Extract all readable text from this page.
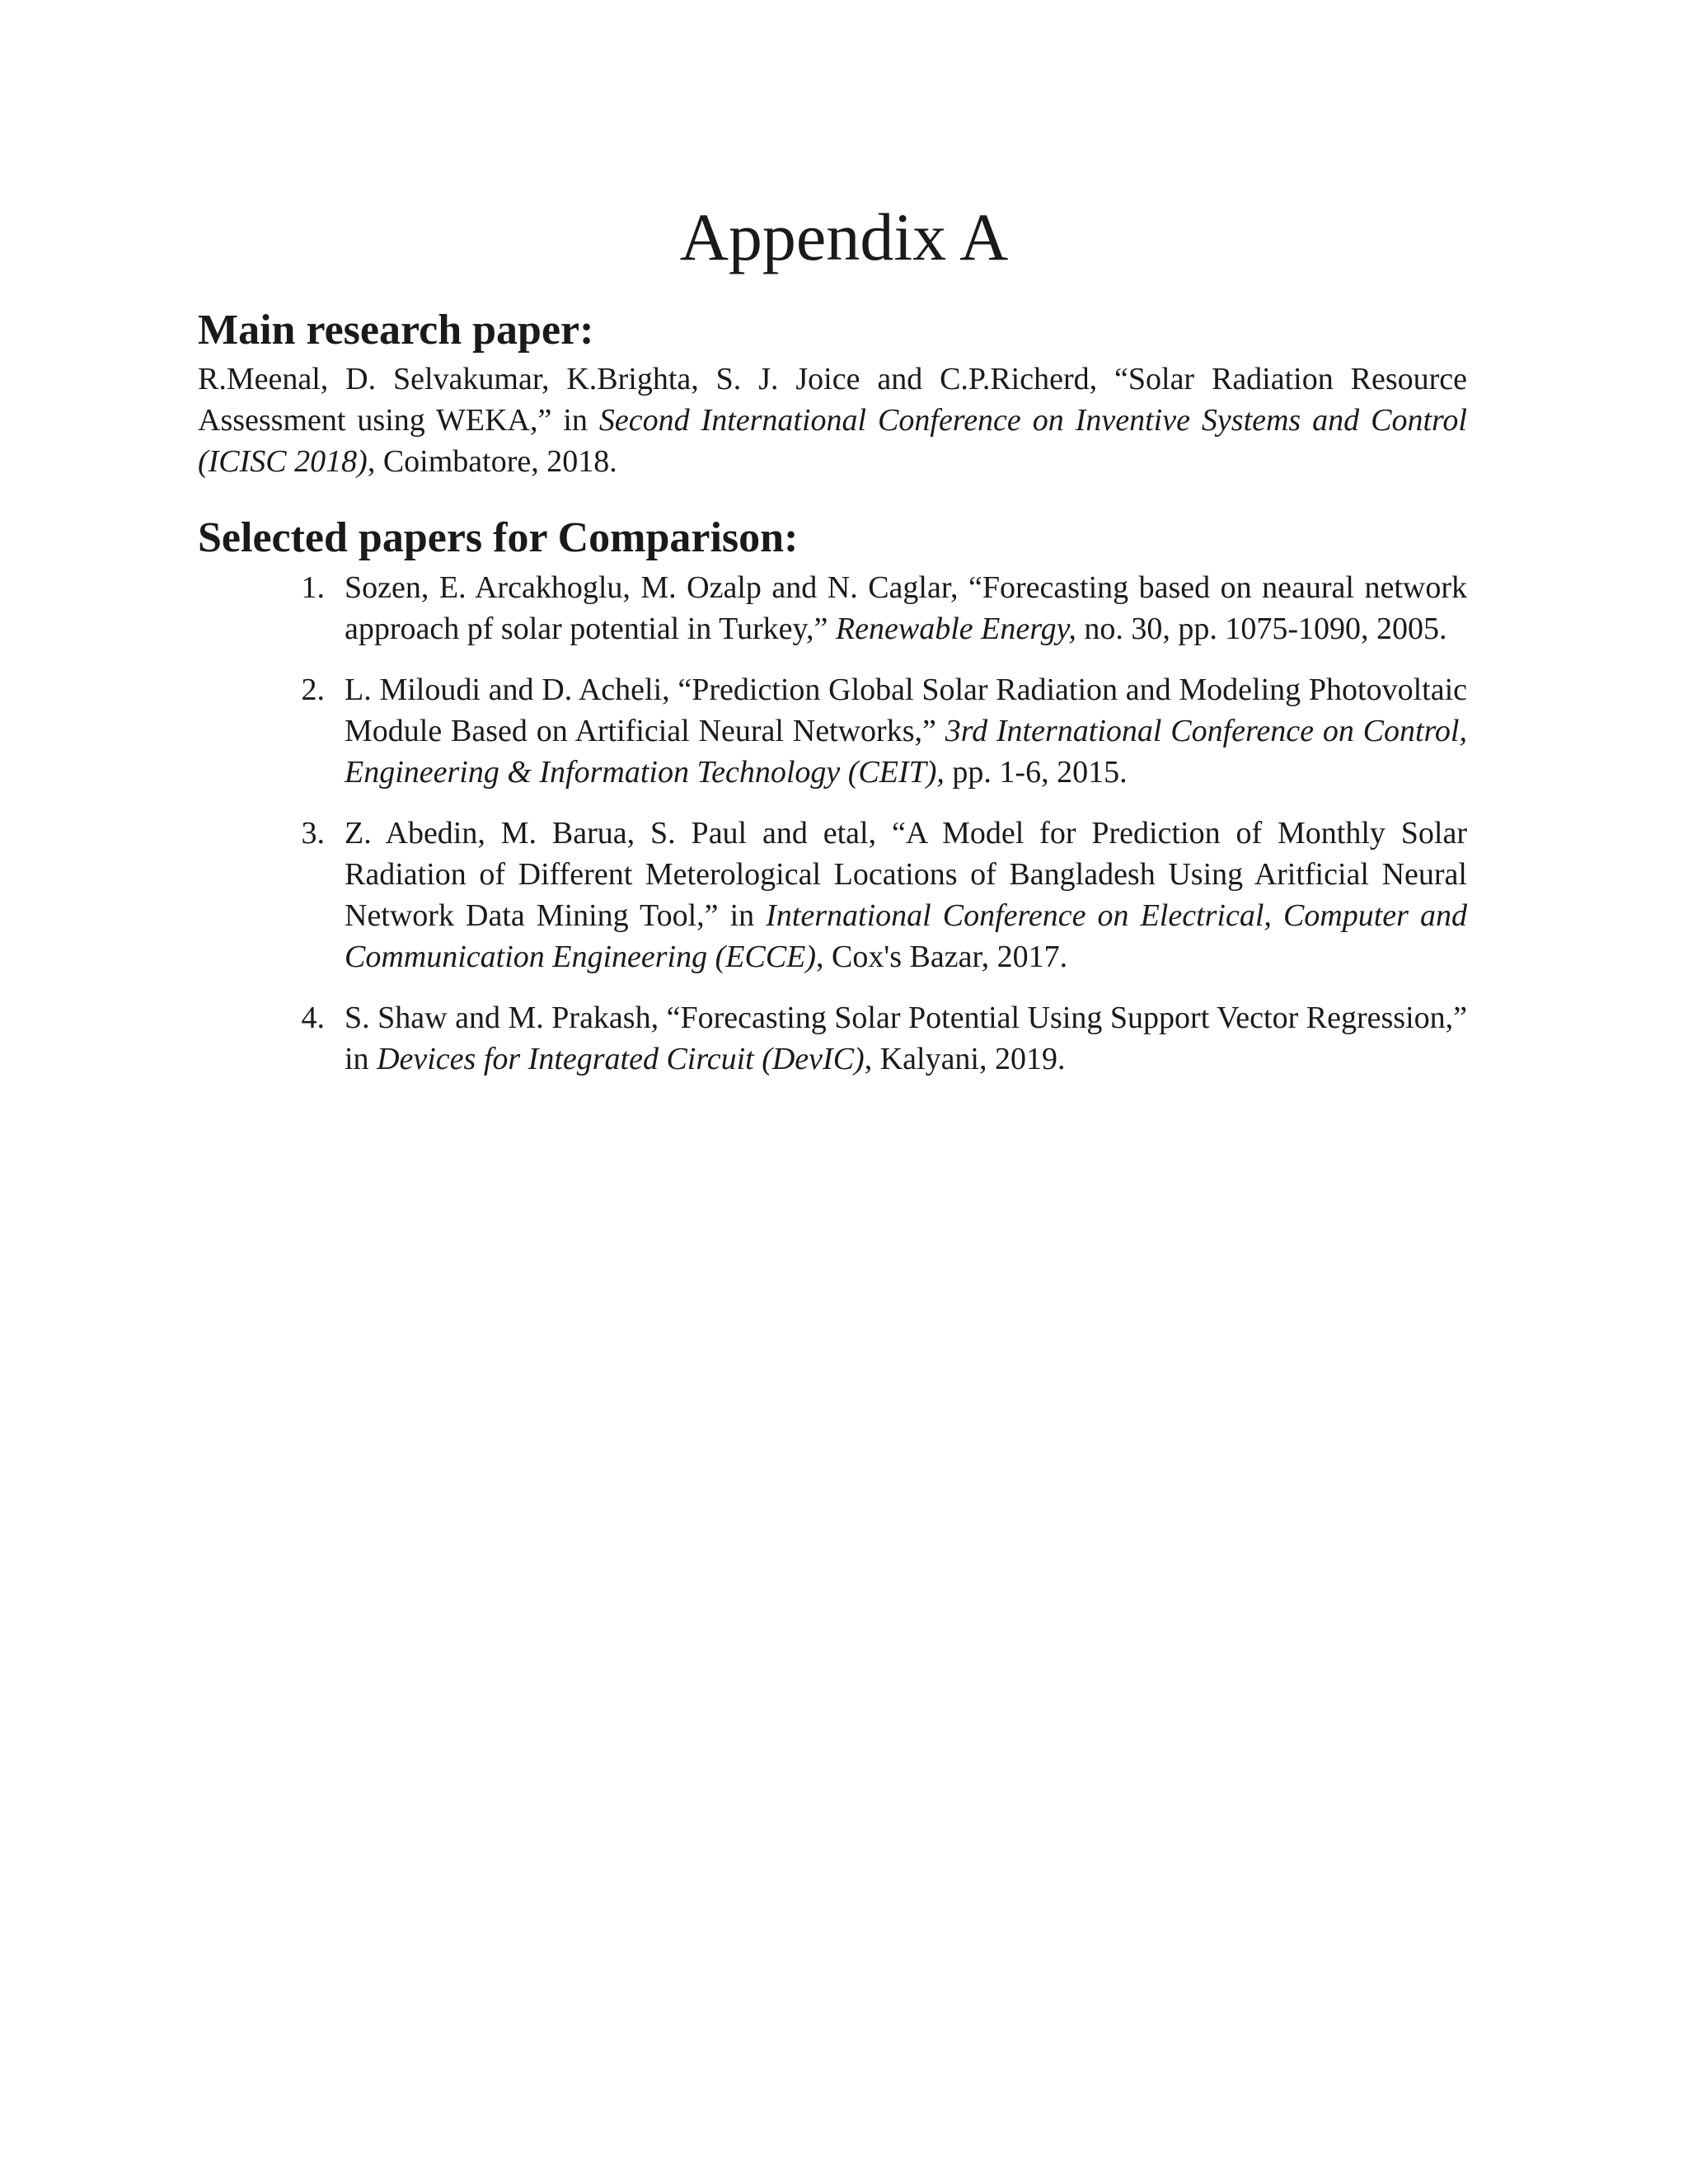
Appendix A
Main research paper:

R.Meenal, D. Selvakumar, K.Brighta, S. J. Joice and C.P.Richerd, “Solar Radiation Resource Assessment using WEKA,” in Second International Conference on Inventive Systems and Control (ICISC 2018), Coimbatore, 2018.

Selected papers for Comparison:
1. Sozen, E. Arcakhoglu, M. Ozalp and N. Caglar, “Forecasting based on neaural network approach pf solar potential in Turkey,” Renewable Energy, no. 30, pp. 1075-1090, 2005.
2. L. Miloudi and D. Acheli, “Prediction Global Solar Radiation and Modeling Photovoltaic Module Based on Artificial Neural Networks,” 3rd International Conference on Control, Engineering & Information Technology (CEIT), pp. 1-6, 2015.
3. Z. Abedin, M. Barua, S. Paul and etal, “A Model for Prediction of Monthly Solar Radiation of Different Meterological Locations of Bangladesh Using Aritficial Neural Network Data Mining Tool,” in International Conference on Electrical, Computer and Communication Engineering (ECCE), Cox's Bazar, 2017.
4. S. Shaw and M. Prakash, “Forecasting Solar Potential Using Support Vector Regression,” in Devices for Integrated Circuit (DevIC), Kalyani, 2019.
